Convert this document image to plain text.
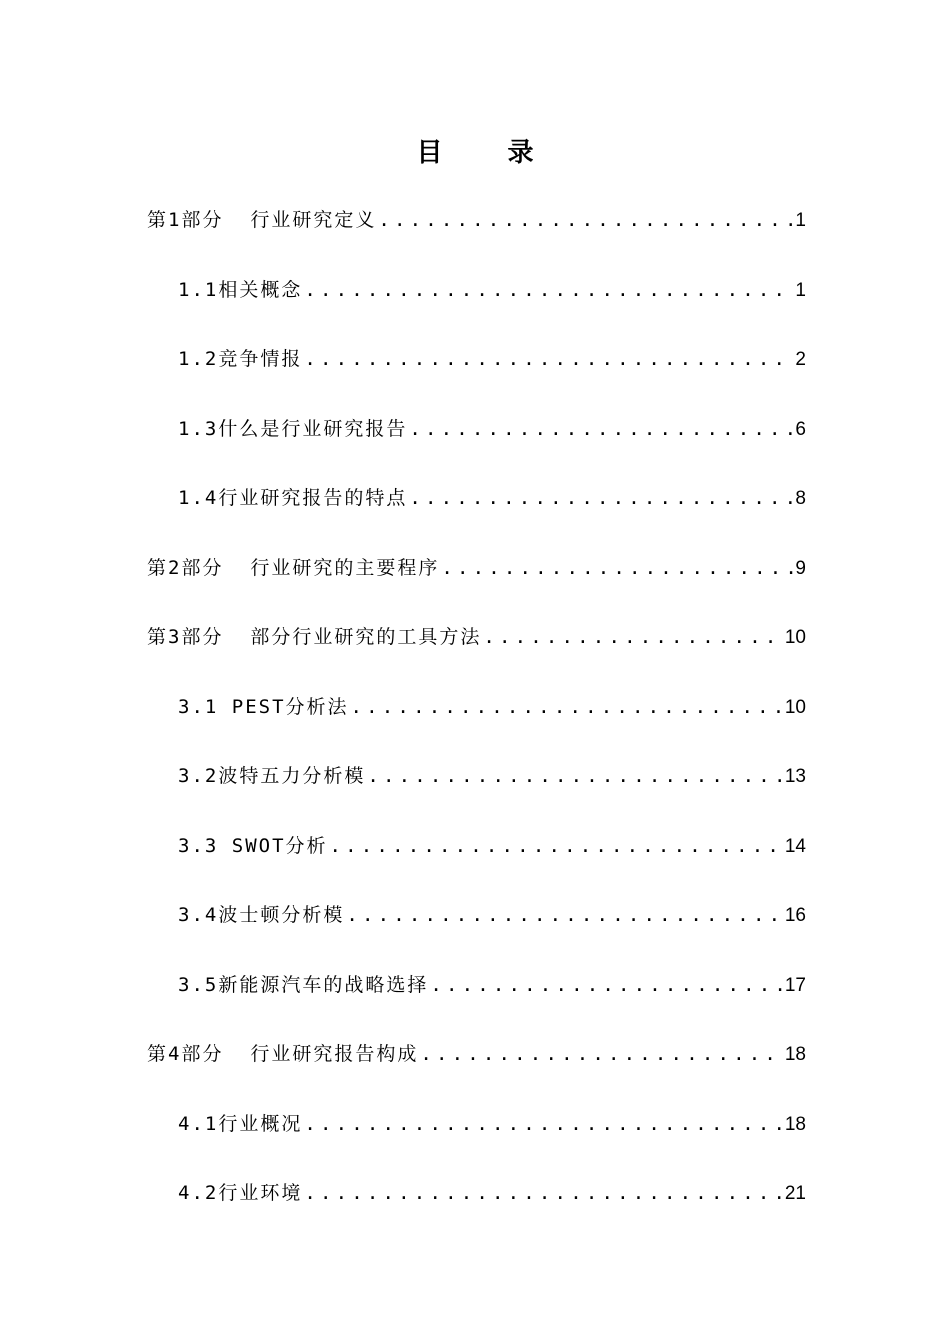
目 录
第1部分  行业研究定义 .....	1
1.1相关概念 .....	1
1.2竞争情报 .....	2
1.3什么是行业研究报告 .....	6
1.4行业研究报告的特点 .....	8
第2部分  行业研究的主要程序 .....	9
第3部分  部分行业研究的工具方法 .....	10
3.1 PEST分析法 .....	10
3.2波特五力分析模 .....	13
3.3 SWOT分析 .....	14
3.4波士顿分析模 .....	16
3.5新能源汽车的战略选择 .....	17
第4部分  行业研究报告构成 .....	18
4.1行业概况 .....	18
4.2行业环境 .....	21
